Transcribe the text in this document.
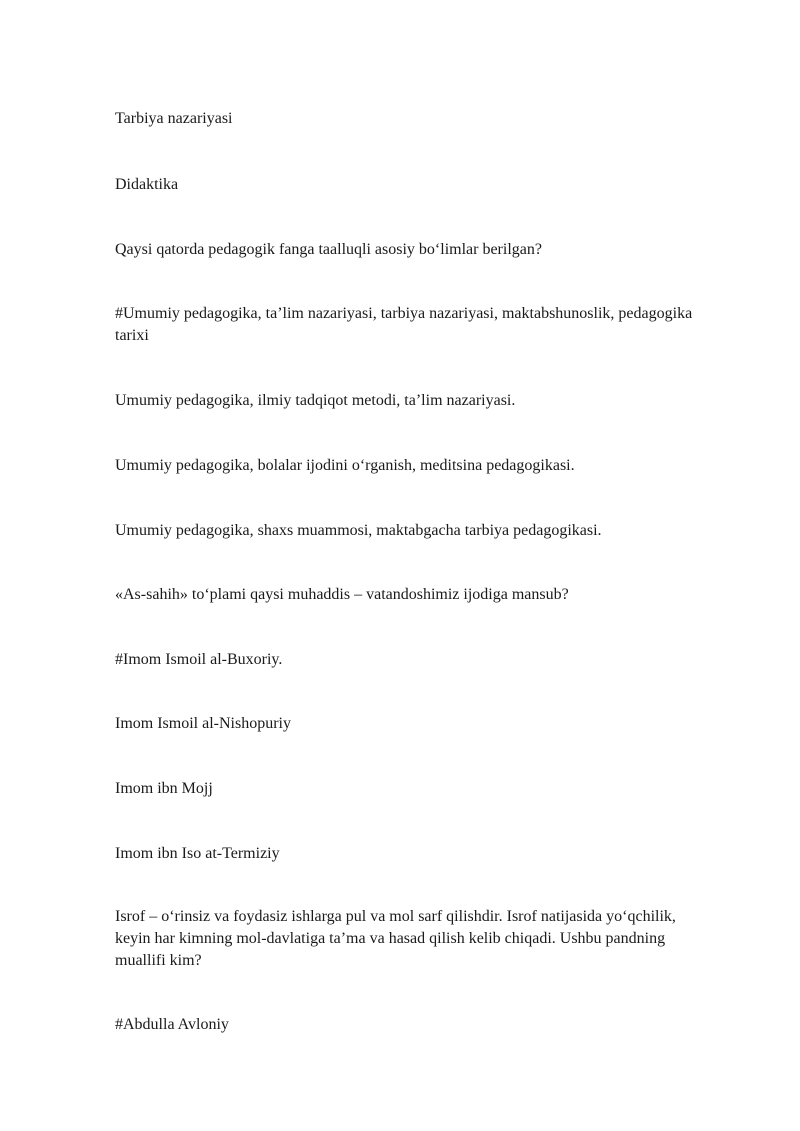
Tarbiya nazariyasi

Didaktika

Qaysi qatorda pedagogik fanga taalluqli asosiy bo‘limlar berilgan?

#Umumiy pedagogika, ta’lim nazariyasi, tarbiya nazariyasi, maktabshunoslik, pedagogika tarixi

Umumiy pedagogika, ilmiy tadqiqot metodi, ta’lim nazariyasi.

Umumiy pedagogika, bolalar ijodini o‘rganish, meditsina pedagogikasi.

Umumiy pedagogika, shaxs muammosi, maktabgacha tarbiya pedagogikasi.

«As-sahih» to‘plami qaysi muhaddis – vatandoshimiz ijodiga mansub?

#Imom Ismoil al-Buxoriy.

Imom Ismoil al-Nishopuriy

Imom ibn Mojj

Imom ibn Iso at-Termiziy

Isrof – o‘rinsiz va foydasiz ishlarga pul va mol sarf qilishdir. Isrof natijasida yo‘qchilik, keyin har kimning mol-davlatiga ta’ma va hasad qilish kelib chiqadi. Ushbu pandning muallifi kim?

#Abdulla Avloniy
